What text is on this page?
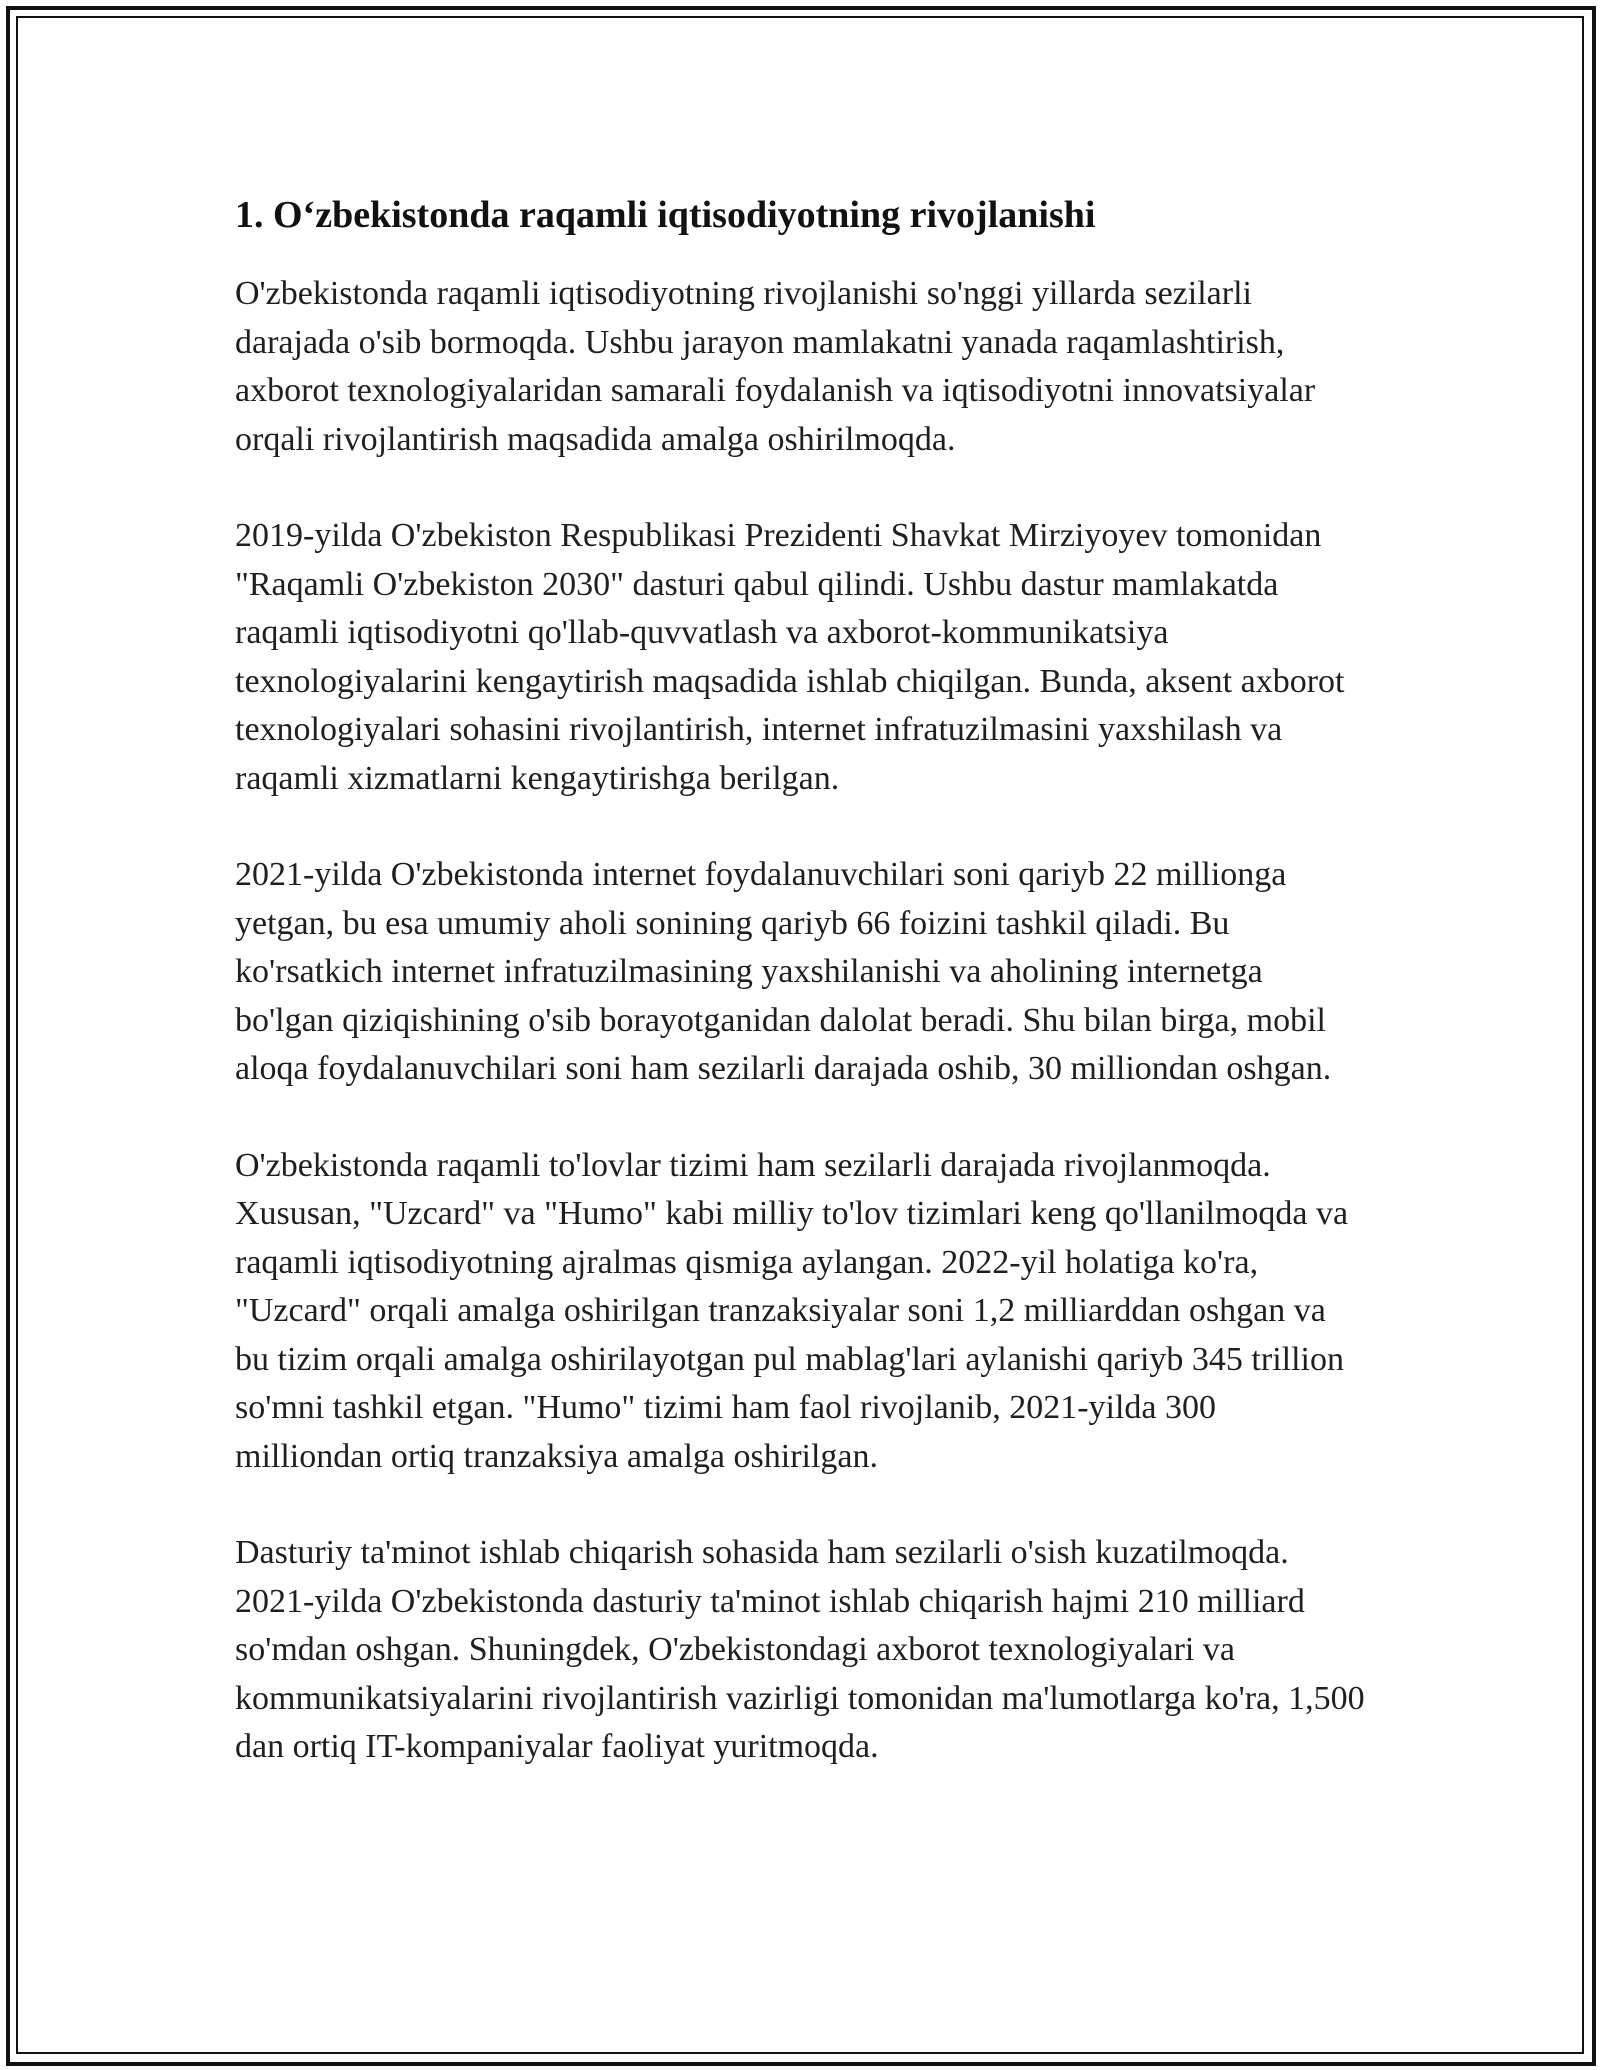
1. O‘zbekistonda raqamli iqtisodiyotning rivojlanishi

O'zbekistonda raqamli iqtisodiyotning rivojlanishi so'nggi yillarda sezilarli darajada o'sib bormoqda. Ushbu jarayon mamlakatni yanada raqamlashtirish, axborot texnologiyalaridan samarali foydalanish va iqtisodiyotni innovatsiyalar orqali rivojlantirish maqsadida amalga oshirilmoqda.

2019-yilda O'zbekiston Respublikasi Prezidenti Shavkat Mirziyoyev tomonidan "Raqamli O'zbekiston 2030" dasturi qabul qilindi. Ushbu dastur mamlakatda raqamli iqtisodiyotni qo'llab-quvvatlash va axborot-kommunikatsiya texnologiyalarini kengaytirish maqsadida ishlab chiqilgan. Bunda, aksent axborot texnologiyalari sohasini rivojlantirish, internet infratuzilmasini yaxshilash va raqamli xizmatlarni kengaytirishga berilgan.

2021-yilda O'zbekistonda internet foydalanuvchilari soni qariyb 22 millionga yetgan, bu esa umumiy aholi sonining qariyb 66 foizini tashkil qiladi. Bu ko'rsatkich internet infratuzilmasining yaxshilanishi va aholining internetga bo'lgan qiziqishining o'sib borayotganidan dalolat beradi. Shu bilan birga, mobil aloqa foydalanuvchilari soni ham sezilarli darajada oshib, 30 milliondan oshgan.

O'zbekistonda raqamli to'lovlar tizimi ham sezilarli darajada rivojlanmoqda. Xususan, "Uzcard" va "Humo" kabi milliy to'lov tizimlari keng qo'llanilmoqda va raqamli iqtisodiyotning ajralmas qismiga aylangan. 2022-yil holatiga ko'ra, "Uzcard" orqali amalga oshirilgan tranzaksiyalar soni 1,2 milliarddan oshgan va bu tizim orqali amalga oshirilayotgan pul mablag'lari aylanishi qariyb 345 trillion so'mni tashkil etgan. "Humo" tizimi ham faol rivojlanib, 2021-yilda 300 milliondan ortiq tranzaksiya amalga oshirilgan.

Dasturiy ta'minot ishlab chiqarish sohasida ham sezilarli o'sish kuzatilmoqda. 2021-yilda O'zbekistonda dasturiy ta'minot ishlab chiqarish hajmi 210 milliard so'mdan oshgan. Shuningdek, O'zbekistondagi axborot texnologiyalari va kommunikatsiyalarini rivojlantirish vazirligi tomonidan ma'lumotlarga ko'ra, 1,500 dan ortiq IT-kompaniyalar faoliyat yuritmoqda.
